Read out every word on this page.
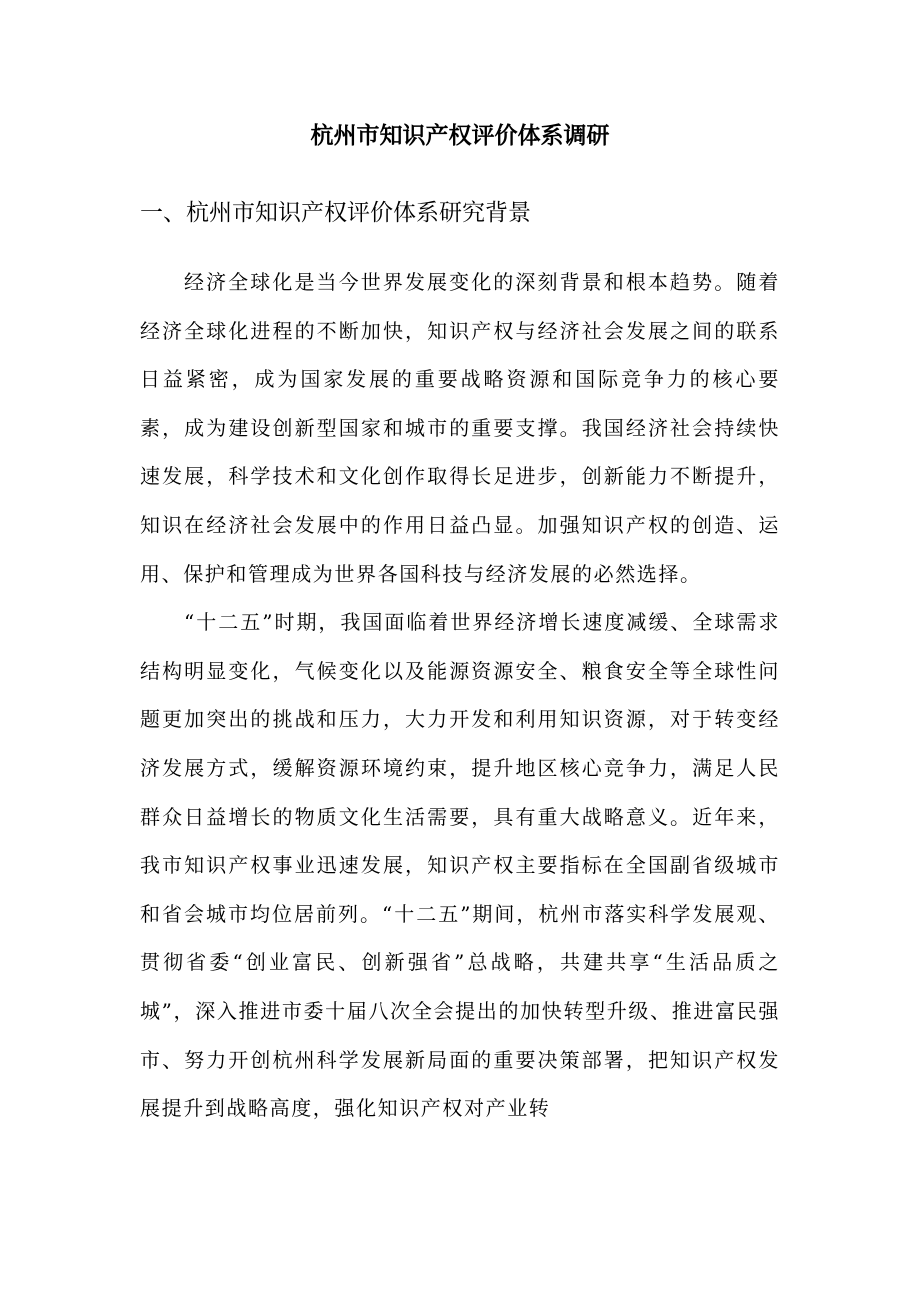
杭州市知识产权评价体系调研
一、杭州市知识产权评价体系研究背景

经济全球化是当今世界发展变化的深刻背景和根本趋势。随着经济全球化进程的不断加快，知识产权与经济社会发展之间的联系日益紧密，成为国家发展的重要战略资源和国际竞争力的核心要素，成为建设创新型国家和城市的重要支撑。我国经济社会持续快速发展，科学技术和文化创作取得长足进步，创新能力不断提升，知识在经济社会发展中的作用日益凸显。加强知识产权的创造、运用、保护和管理成为世界各国科技与经济发展的必然选择。

“十二五”时期，我国面临着世界经济增长速度减缓、全球需求结构明显变化，气候变化以及能源资源安全、粮食安全等全球性问题更加突出的挑战和压力，大力开发和利用知识资源，对于转变经济发展方式，缓解资源环境约束，提升地区核心竞争力，满足人民群众日益增长的物质文化生活需要，具有重大战略意义。近年来，我市知识产权事业迅速发展，知识产权主要指标在全国副省级城市和省会城市均位居前列。“十二五”期间，杭州市落实科学发展观、贯彻省委“创业富民、创新强省”总战略，共建共享“生活品质之城”，深入推进市委十届八次全会提出的加快转型升级、推进富民强市、努力开创杭州科学发展新局面的重要决策部署，把知识产权发展提升到战略高度，强化知识产权对产业转
